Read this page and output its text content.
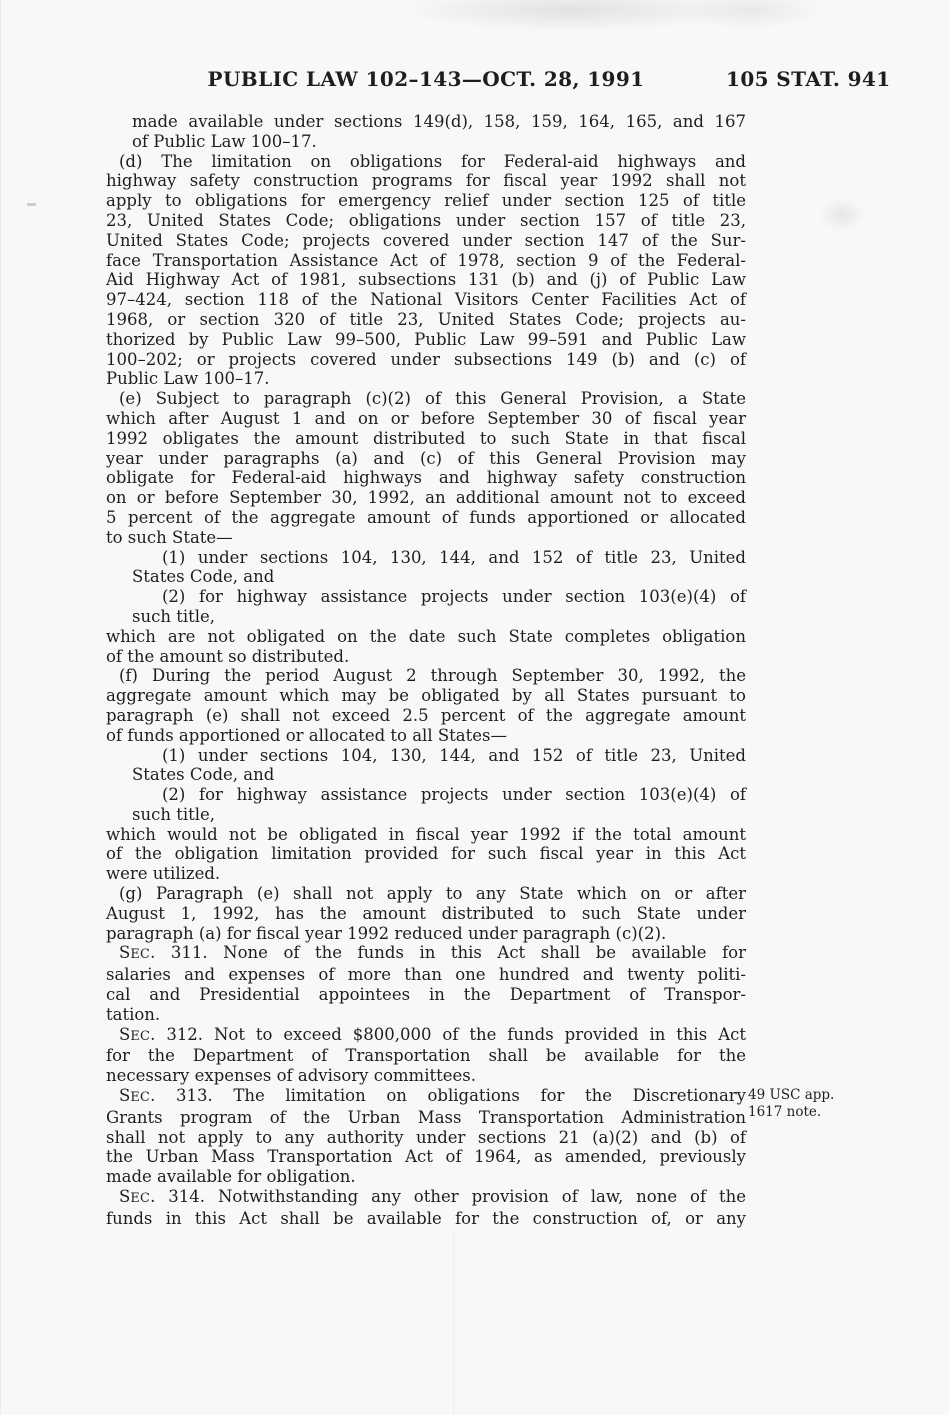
PUBLIC LAW 102–143—OCT. 28, 1991	105 STAT. 941
made available under sections 149(d), 158, 159, 164, 165, and 167
of Public Law 100–17.
(d) The limitation on obligations for Federal-aid highways and
highway safety construction programs for fiscal year 1992 shall not
apply to obligations for emergency relief under section 125 of title
23, United States Code; obligations under section 157 of title 23,
United States Code; projects covered under section 147 of the Sur-
face Transportation Assistance Act of 1978, section 9 of the Federal-
Aid Highway Act of 1981, subsections 131 (b) and (j) of Public Law
97–424, section 118 of the National Visitors Center Facilities Act of
1968, or section 320 of title 23, United States Code; projects au-
thorized by Public Law 99–500, Public Law 99–591 and Public Law
100–202; or projects covered under subsections 149 (b) and (c) of
Public Law 100–17.
(e) Subject to paragraph (c)(2) of this General Provision, a State
which after August 1 and on or before September 30 of fiscal year
1992 obligates the amount distributed to such State in that fiscal
year under paragraphs (a) and (c) of this General Provision may
obligate for Federal-aid highways and highway safety construction
on or before September 30, 1992, an additional amount not to exceed
5 percent of the aggregate amount of funds apportioned or allocated
to such State—
(1) under sections 104, 130, 144, and 152 of title 23, United
States Code, and
(2) for highway assistance projects under section 103(e)(4) of
such title,
which are not obligated on the date such State completes obligation
of the amount so distributed.
(f) During the period August 2 through September 30, 1992, the
aggregate amount which may be obligated by all States pursuant to
paragraph (e) shall not exceed 2.5 percent of the aggregate amount
of funds apportioned or allocated to all States—
(1) under sections 104, 130, 144, and 152 of title 23, United
States Code, and
(2) for highway assistance projects under section 103(e)(4) of
such title,
which would not be obligated in fiscal year 1992 if the total amount
of the obligation limitation provided for such fiscal year in this Act
were utilized.
(g) Paragraph (e) shall not apply to any State which on or after
August 1, 1992, has the amount distributed to such State under
paragraph (a) for fiscal year 1992 reduced under paragraph (c)(2).
SEC. 311. None of the funds in this Act shall be available for
salaries and expenses of more than one hundred and twenty politi-
cal and Presidential appointees in the Department of Transpor-
tation.
SEC. 312. Not to exceed $800,000 of the funds provided in this Act
for the Department of Transportation shall be available for the
necessary expenses of advisory committees.
SEC. 313. The limitation on obligations for the Discretionary
Grants program of the Urban Mass Transportation Administration
shall not apply to any authority under sections 21 (a)(2) and (b) of
the Urban Mass Transportation Act of 1964, as amended, previously
made available for obligation.
49 USC app.
1617 note.
SEC. 314. Notwithstanding any other provision of law, none of the
funds in this Act shall be available for the construction of, or any
